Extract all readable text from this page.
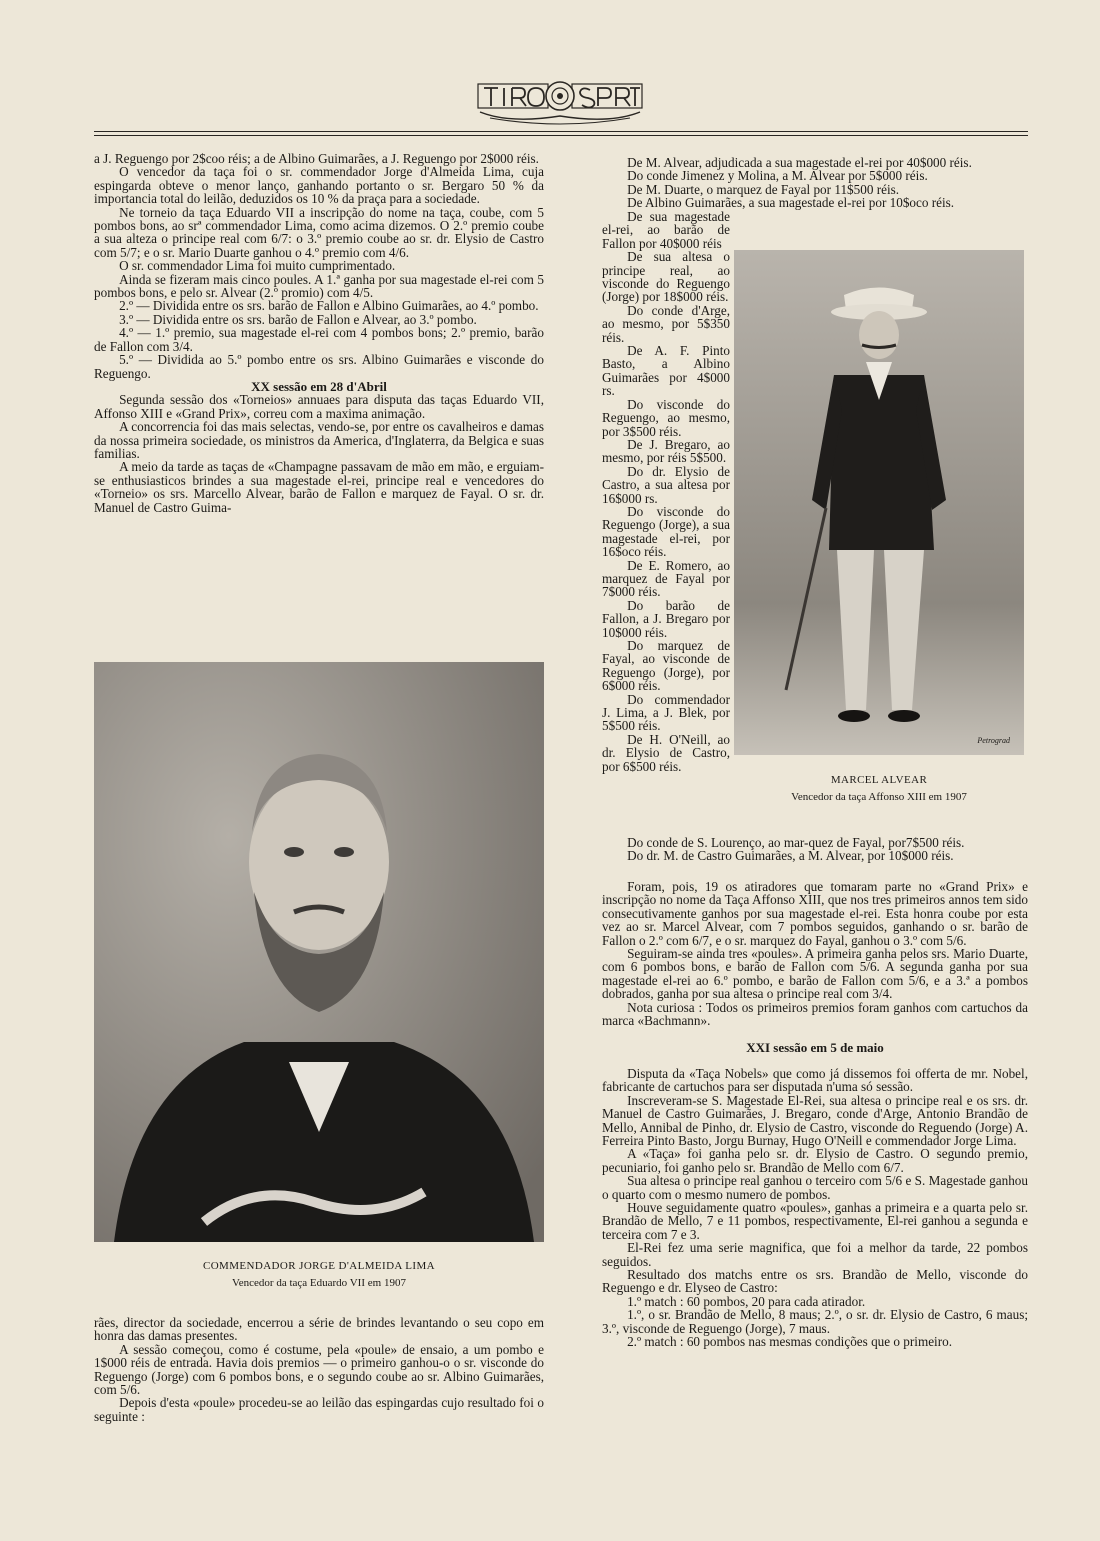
a J. Reguengo por 2$coo réis; a de Albino Guimarães, a J. Reguengo por 2$000 réis.

O vencedor da taça foi o sr. commendador Jorge d'Almeida Lima, cuja espingarda obteve o menor lanço, ganhando portanto o sr. Bergaro 50 % da importancia total do leilão, deduzidos os 10 % da praça para a sociedade.

Ne torneio da taça Eduardo VII a inscripção do nome na taça, coube, com 5 pombos bons, ao srª commendador Lima, como acima dizemos. O 2.º premio coube a sua alteza o principe real com 6/7: o 3.º premio coube ao sr. dr. Elysio de Castro com 5/7; e o sr. Mario Duarte ganhou o 4.º premio com 4/6.

O sr. commendador Lima foi muito cumprimentado.

Ainda se fizeram mais cinco poules. A 1.ª ganha por sua magestade el-rei com 5 pombos bons, e pelo sr. Alvear (2.º promio) com 4/5.

2.º — Dividida entre os srs. barão de Fallon e Albino Guimarães, ao 4.º pombo.

3.º — Dividida entre os srs. barão de Fallon e Alvear, ao 3.º pombo.

4.º — 1.º premio, sua magestade el-rei com 4 pombos bons; 2.º premio, barão de Fallon com 3/4.

5.º — Dividida ao 5.º pombo entre os srs. Albino Guimarães e visconde do Reguengo.

XX sessão em 28 d'Abril

Segunda sessão dos «Torneios» annuaes para disputa das taças Eduardo VII, Affonso XIII e «Grand Prix», correu com a maxima animação.

A concorrencia foi das mais selectas, vendo-se, por entre os cavalheiros e damas da nossa primeira sociedade, os ministros da America, d'Inglaterra, da Belgica e suas familias.

A meio da tarde as taças de «Champagne passavam de mão em mão, e erguiam-se enthusiasticos brindes a sua magestade el-rei, principe real e vencedores do «Torneio» os srs. Marcello Alvear, barão de Fallon e marquez de Fayal. O sr. dr. Manuel de Castro Guima-

COMMENDADOR JORGE D'ALMEIDA LIMA
Vencedor da taça Eduardo VII em 1907

rães, director da sociedade, encerrou a série de brindes levantando o seu copo em honra das damas presentes.

A sessão começou, como é costume, pela «poule» de ensaio, a um pombo e 1$000 réis de entrada. Havia dois premios — o primeiro ganhou-o o sr. visconde do Reguengo (Jorge) com 6 pombos bons, e o segundo coube ao sr. Albino Guimarães, com 5/6.

Depois d'esta «poule» procedeu-se ao leilão das espingardas cujo resultado foi o seguinte :

De M. Alvear, adjudicada a sua magestade el-rei por 40$000 réis.

Do conde Jimenez y Molina, a M. Alvear por 5$000 réis.

De M. Duarte, o marquez de Fayal por 11$500 réis.

De Albino Guimarães, a sua magestade el-rei por 10$oco réis.

De sua magestade el-rei, ao barão de Fallon por 40$000 réis

De sua altesa o principe real, ao visconde do Reguengo (Jorge) por 18$000 réis.

Do conde d'Arge, ao mesmo, por 5$350 réis.

De A. F. Pinto Basto, a Albino Guimarães por 4$000 rs.

Do visconde do Reguengo, ao mesmo, por 3$500 réis.

De J. Bregaro, ao mesmo, por réis 5$500.

Do dr. Elysio de Castro, a sua altesa por 16$000 rs.

Do visconde do Reguengo (Jorge), a sua magestade el-rei, por 16$oco réis.

De E. Romero, ao marquez de Fayal por 7$000 réis.

Do barão de Fallon, a J. Bregaro por 10$000 réis.

Do marquez de Fayal, ao visconde de Reguengo (Jorge), por 6$000 réis.

Do commendador J. Lima, a J. Blek, por 5$500 réis.

De H. O'Neill, ao dr. Elysio de Castro, por 6$500 réis.

Petrograd
MARCEL ALVEAR
Vencedor da taça Affonso XIII em 1907

Do conde de S. Lourenço, ao mar-quez de Fayal, por7$500 réis.

Do dr. M. de Castro Guimarães, a M. Alvear, por 10$000 réis.

Foram, pois, 19 os atiradores que tomaram parte no «Grand Prix» e inscripção no nome da Taça Affonso XIII, que nos tres primeiros annos tem sido consecutivamente ganhos por sua magestade el-rei. Esta honra coube por esta vez ao sr. Marcel Alvear, com 7 pombos seguidos, ganhando o sr. barão de Fallon o 2.º com 6/7, e o sr. marquez do Fayal, ganhou o 3.º com 5/6.

Seguiram-se ainda tres «poules». A primeira ganha pelos srs. Mario Duarte, com 6 pombos bons, e barão de Fallon com 5/6. A segunda ganha por sua magestade el-rei ao 6.º pombo, e barão de Fallon com 5/6, e a 3.ª a pombos dobrados, ganha por sua altesa o principe real com 3/4.

Nota curiosa : Todos os primeiros premios foram ganhos com cartuchos da marca «Bachmann».

XXI sessão em 5 de maio

Disputa da «Taça Nobels» que como já dissemos foi offerta de mr. Nobel, fabricante de cartuchos para ser disputada n'uma só sessão.

Inscreveram-se S. Magestade El-Rei, sua altesa o principe real e os srs. dr. Manuel de Castro Guimarães, J. Bregaro, conde d'Arge, Antonio Brandão de Mello, Annibal de Pinho, dr. Elysio de Castro, visconde do Reguendo (Jorge) A. Ferreira Pinto Basto, Jorgu Burnay, Hugo O'Neill e commendador Jorge Lima.

A «Taça» foi ganha pelo sr. dr. Elysio de Castro. O segundo premio, pecuniario, foi ganho pelo sr. Brandão de Mello com 6/7.

Sua altesa o principe real ganhou o terceiro com 5/6 e S. Magestade ganhou o quarto com o mesmo numero de pombos.

Houve seguidamente quatro «poules», ganhas a primeira e a quarta pelo sr. Brandão de Mello, 7 e 11 pombos, respectivamente, El-rei ganhou a segunda e terceira com 7 e 3.

El-Rei fez uma serie magnifica, que foi a melhor da tarde, 22 pombos seguidos.

Resultado dos matchs entre os srs. Brandão de Mello, visconde do Reguengo e dr. Elyseo de Castro:

1.º match : 60 pombos, 20 para cada atirador.

1.º, o sr. Brandão de Mello, 8 maus; 2.º, o sr. dr. Elysio de Castro, 6 maus; 3.º, visconde de Reguengo (Jorge), 7 maus.

2.º match : 60 pombos nas mesmas condições que o primeiro.
